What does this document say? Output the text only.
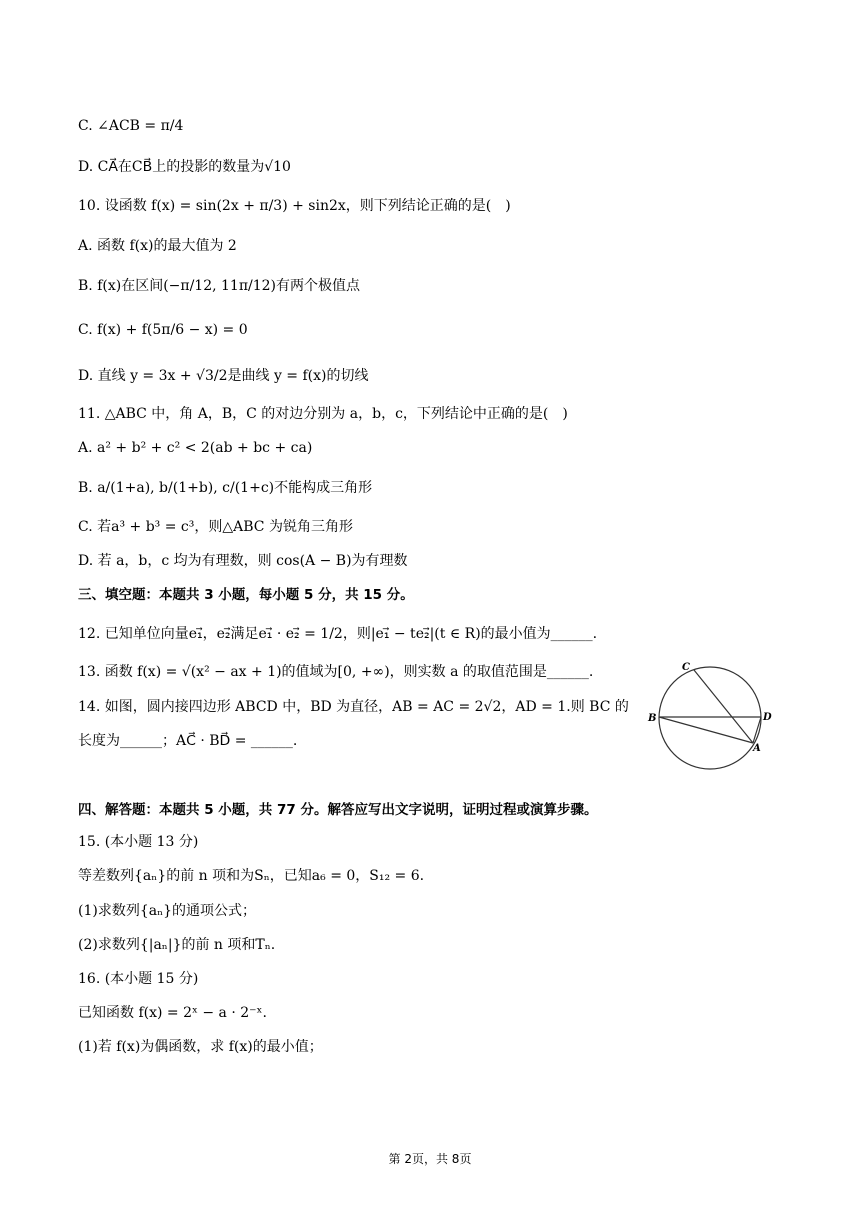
C. ∠ACB = π/4
D. CA⃗在CB⃗上的投影的数量为√10
10. 设函数 f(x) = sin(2x + π/3) + sin2x，则下列结论正确的是(　)
A. 函数 f(x)的最大值为 2
B. f(x)在区间(−π/12, 11π/12)有两个极值点
C. f(x) + f(5π/6 − x) = 0
D. 直线 y = 3x + √3/2是曲线 y = f(x)的切线
11. △ABC 中，角 A，B，C 的对边分别为 a，b，c，下列结论中正确的是(　)
A. a² + b² + c² < 2(ab + bc + ca)
B. a/(1+a), b/(1+b), c/(1+c)不能构成三角形
C. 若a³ + b³ = c³，则△ABC 为锐角三角形
D. 若 a，b，c 均为有理数，则 cos(A − B)为有理数
三、填空题：本题共 3 小题，每小题 5 分，共 15 分。
12. 已知单位向量e₁⃗，e₂⃗满足e₁⃗ · e₂⃗ = 1/2，则|e₁⃗ − te₂⃗|(t ∈ R)的最小值为______.
13. 函数 f(x) = √(x² − ax + 1)的值域为[0, +∞)，则实数 a 的取值范围是______.
14. 如图，圆内接四边形 ABCD 中，BD 为直径，AB = AC = 2√2，AD = 1.则 BC 的
长度为______；AC⃗ · BD⃗ = ______.
四、解答题：本题共 5 小题，共 77 分。解答应写出文字说明，证明过程或演算步骤。
15. (本小题 13 分)
等差数列{aₙ}的前 n 项和为Sₙ，已知a₆ = 0，S₁₂ = 6.
(1)求数列{aₙ}的通项公式；
(2)求数列{|aₙ|}的前 n 项和Tₙ.
16. (本小题 15 分)
已知函数 f(x) = 2ˣ − a · 2⁻ˣ.
(1)若 f(x)为偶函数，求 f(x)的最小值；
C
B	D
A
第 2页，共 8页
